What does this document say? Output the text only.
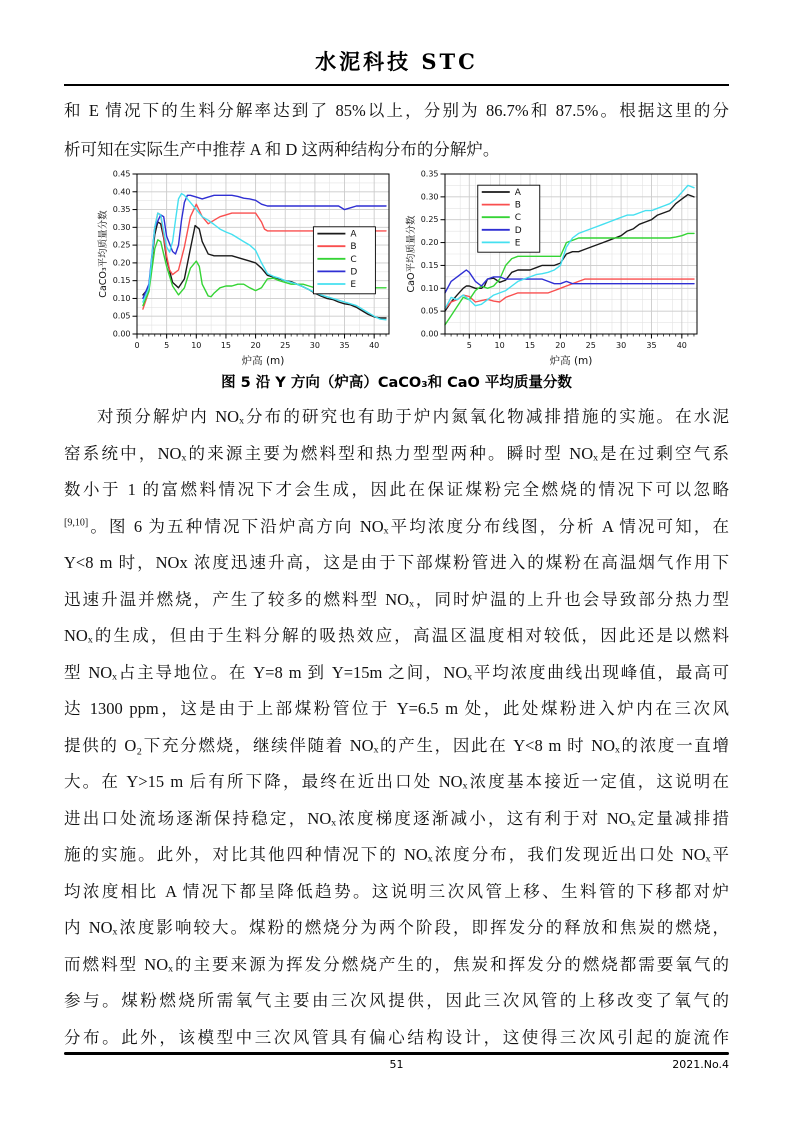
水泥科技 STC
和 E 情况下的生料分解率达到了 85%以上，分别为 86.7%和 87.5%。根据这里的分
析可知在实际生产中推荐 A 和 D 这两种结构分布的分解炉。
0	5	10 15 20 25 30 35 40
0.00
0.05
0.10
0.15
0.20
0.25
0.30
0.35
0.40
0.45
炉高 (m)
CaCO₃平均质量分数	A
B
C
D
E
5	10	15	20	25	30	35	40
0.00
0.05
0.10
0.15
0.20
0.25
0.30
0.35
炉高 (m)
CaO平均质量分数
A
B
C
D
E
图 5 沿 Y 方向（炉高）CaCO₃和 CaO 平均质量分数
对预分解炉内 NOₓ分布的研究也有助于炉内氮氧化物减排措施的实施。在水泥
窑系统中，NOₓ的来源主要为燃料型和热力型型两种。瞬时型 NOₓ是在过剩空气系
数小于 1 的富燃料情况下才会生成，因此在保证煤粉完全燃烧的情况下可以忽略
[9,10]。图 6 为五种情况下沿炉高方向 NOₓ平均浓度分布线图，分析 A 情况可知，在
Y<8 m 时，NOx 浓度迅速升高，这是由于下部煤粉管进入的煤粉在高温烟气作用下
迅速升温并燃烧，产生了较多的燃料型 NOₓ，同时炉温的上升也会导致部分热力型
NOₓ的生成，但由于生料分解的吸热效应，高温区温度相对较低，因此还是以燃料
型 NOₓ占主导地位。在 Y=8 m 到 Y=15m 之间，NOₓ平均浓度曲线出现峰值，最高可
达 1300 ppm，这是由于上部煤粉管位于 Y=6.5 m 处，此处煤粉进入炉内在三次风
提供的 O₂下充分燃烧，继续伴随着 NOₓ的产生，因此在 Y<8 m 时 NOₓ的浓度一直增
大。在 Y>15 m 后有所下降，最终在近出口处 NOₓ浓度基本接近一定值，这说明在
进出口处流场逐渐保持稳定，NOₓ浓度梯度逐渐减小，这有利于对 NOₓ定量减排措
施的实施。此外，对比其他四种情况下的 NOₓ浓度分布，我们发现近出口处 NOₓ平
均浓度相比 A 情况下都呈降低趋势。这说明三次风管上移、生料管的下移都对炉
内 NOₓ浓度影响较大。煤粉的燃烧分为两个阶段，即挥发分的释放和焦炭的燃烧，
而燃料型 NOₓ的主要来源为挥发分燃烧产生的，焦炭和挥发分的燃烧都需要氧气的
参与。煤粉燃烧所需氧气主要由三次风提供，因此三次风管的上移改变了氧气的
分布。此外，该模型中三次风管具有偏心结构设计，这使得三次风引起的旋流作
51	2021.No.4
